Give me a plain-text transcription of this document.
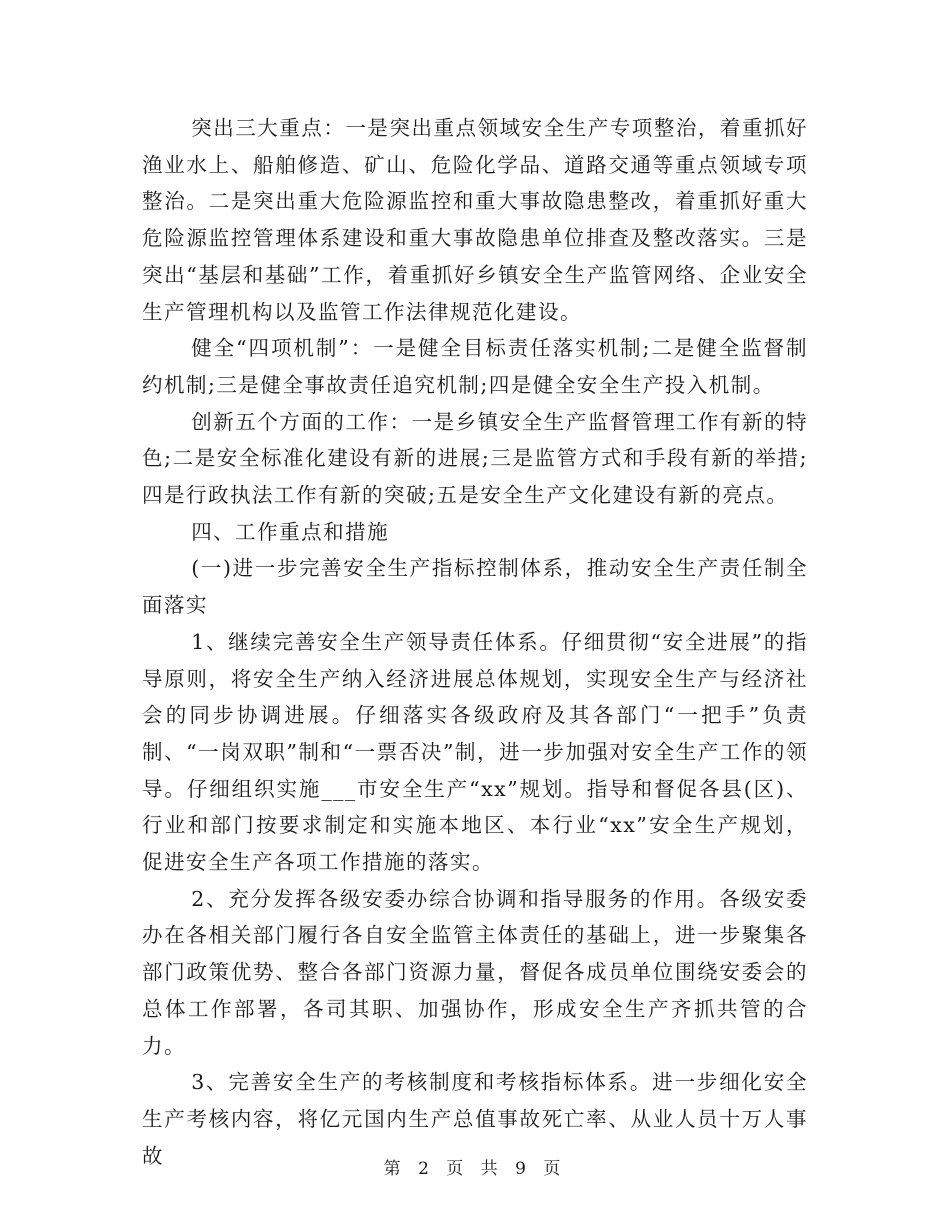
突出三大重点：一是突出重点领域安全生产专项整治，着重抓好渔业水上、船舶修造、矿山、危险化学品、道路交通等重点领域专项整治。二是突出重大危险源监控和重大事故隐患整改，着重抓好重大危险源监控管理体系建设和重大事故隐患单位排查及整改落实。三是突出“基层和基础”工作，着重抓好乡镇安全生产监管网络、企业安全生产管理机构以及监管工作法律规范化建设。

健全“四项机制”：一是健全目标责任落实机制;二是健全监督制约机制;三是健全事故责任追究机制;四是健全安全生产投入机制。

创新五个方面的工作：一是乡镇安全生产监督管理工作有新的特色;二是安全标准化建设有新的进展;三是监管方式和手段有新的举措;四是行政执法工作有新的突破;五是安全生产文化建设有新的亮点。

四、工作重点和措施

(一)进一步完善安全生产指标控制体系，推动安全生产责任制全面落实

1、继续完善安全生产领导责任体系。仔细贯彻“安全进展”的指导原则，将安全生产纳入经济进展总体规划，实现安全生产与经济社会的同步协调进展。仔细落实各级政府及其各部门“一把手”负责制、“一岗双职”制和“一票否决”制，进一步加强对安全生产工作的领导。仔细组织实施___市安全生产“xx”规划。指导和督促各县(区)、行业和部门按要求制定和实施本地区、本行业“xx”安全生产规划，促进安全生产各项工作措施的落实。

2、充分发挥各级安委办综合协调和指导服务的作用。各级安委办在各相关部门履行各自安全监管主体责任的基础上，进一步聚集各部门政策优势、整合各部门资源力量，督促各成员单位围绕安委会的总体工作部署，各司其职、加强协作，形成安全生产齐抓共管的合力。

3、完善安全生产的考核制度和考核指标体系。进一步细化安全生产考核内容，将亿元国内生产总值事故死亡率、从业人员十万人事故

第 2 页 共 9 页
